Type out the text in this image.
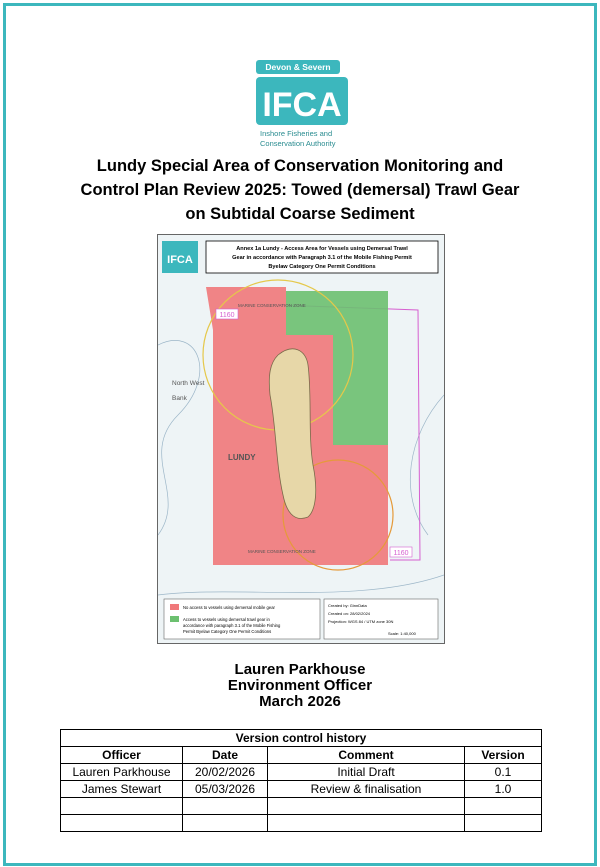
Devon & Severn
IFCA
Inshore Fisheries and
Conservation Authority
Lundy Special Area of Conservation Monitoring and
Control Plan Review 2025: Towed (demersal) Trawl Gear
on Subtidal Coarse Sediment
IFCA
Annex 1a Lundy - Access Area for Vessels using Demersal Trawl
Gear in accordance with Paragraph 3.1 of the Mobile Fishing Permit
Byelaw Category One Permit Conditions
LUNDY
MARINE CONSERVATION ZONE
MARINE CONSERVATION ZONE
1160
1160
North West
Bank
No access to vessels using demersal mobile gear
Access to vessels using demersal trawl gear in
accordance with paragraph 3.1 of the Mobile Fishing
Permit Byelaw Category One Permit Conditions
Created by: GinnData
Created on: 28/02/2024
Projection: WGS 84 / UTM zone 30N
Scale: 1:40,000
Lauren Parkhouse
Environment Officer
March 2026
Version control history			
Officer	Date	Comment	Version
Lauren Parkhouse	20/02/2026	Initial Draft	0.1
James Stewart	05/03/2026	Review & finalisation	1.0
